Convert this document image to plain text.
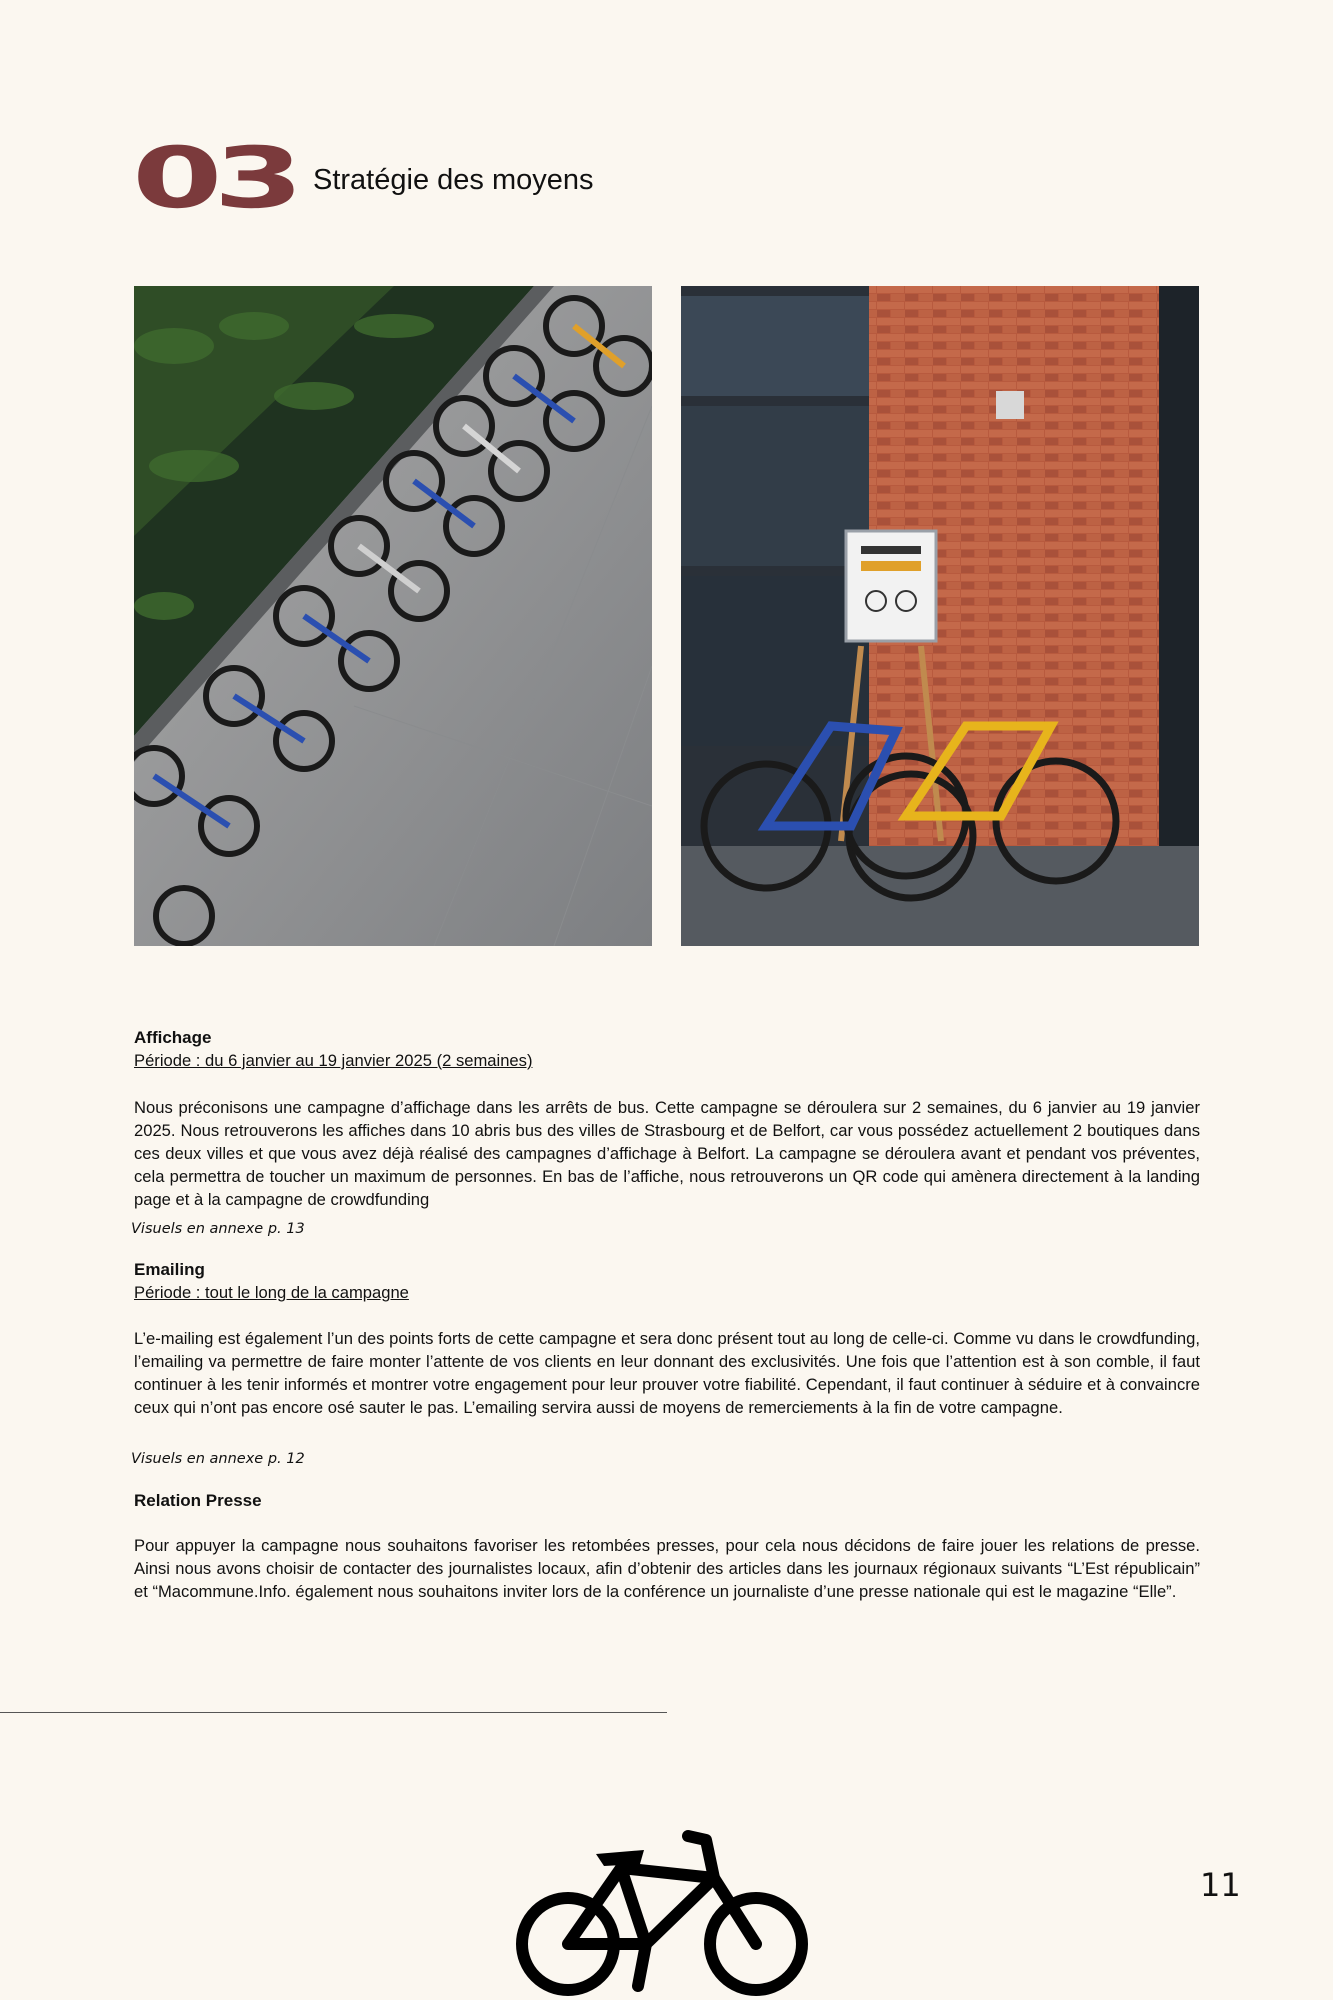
03 Stratégie des moyens
Affichage
Période : du 6 janvier au 19 janvier 2025 (2 semaines)
Nous préconisons une campagne d’affichage dans les arrêts de bus. Cette campagne se déroulera sur 2 semaines, du 6 janvier au 19 janvier 2025. Nous retrouverons les affiches dans 10 abris bus des villes de Strasbourg et de Belfort, car vous possédez actuellement 2 boutiques dans ces deux villes et que vous avez déjà réalisé des campagnes d’affichage à Belfort. La campagne se déroulera avant et pendant vos préventes, cela permettra de toucher un maximum de personnes. En bas de l’affiche, nous retrouverons un QR code qui amènera directement à la landing page et à la campagne de crowdfunding
Visuels en annexe p. 13
Emailing
Période : tout le long de la campagne
L’e-mailing est également l’un des points forts de cette campagne et sera donc présent tout au long de celle-ci. Comme vu dans le crowdfunding, l’emailing va permettre de faire monter l’attente de vos clients en leur donnant des exclusivités. Une fois que l’attention est à son comble, il faut continuer à les tenir informés et montrer votre engagement pour leur prouver votre fiabilité. Cependant, il faut continuer à séduire et à convaincre ceux qui n’ont pas encore osé sauter le pas. L’emailing servira aussi de moyens de remerciements à la fin de votre campagne.
Visuels en annexe p. 12
Relation Presse
Pour appuyer la campagne nous souhaitons favoriser les retombées presses, pour cela nous décidons de faire jouer les relations de presse. Ainsi nous avons choisir de contacter des journalistes locaux, afin d’obtenir des articles dans les journaux régionaux suivants “L’Est républicain” et “Macommune.Info. également nous souhaitons inviter lors de la conférence un journaliste d’une presse nationale qui est le magazine “Elle”.
11
